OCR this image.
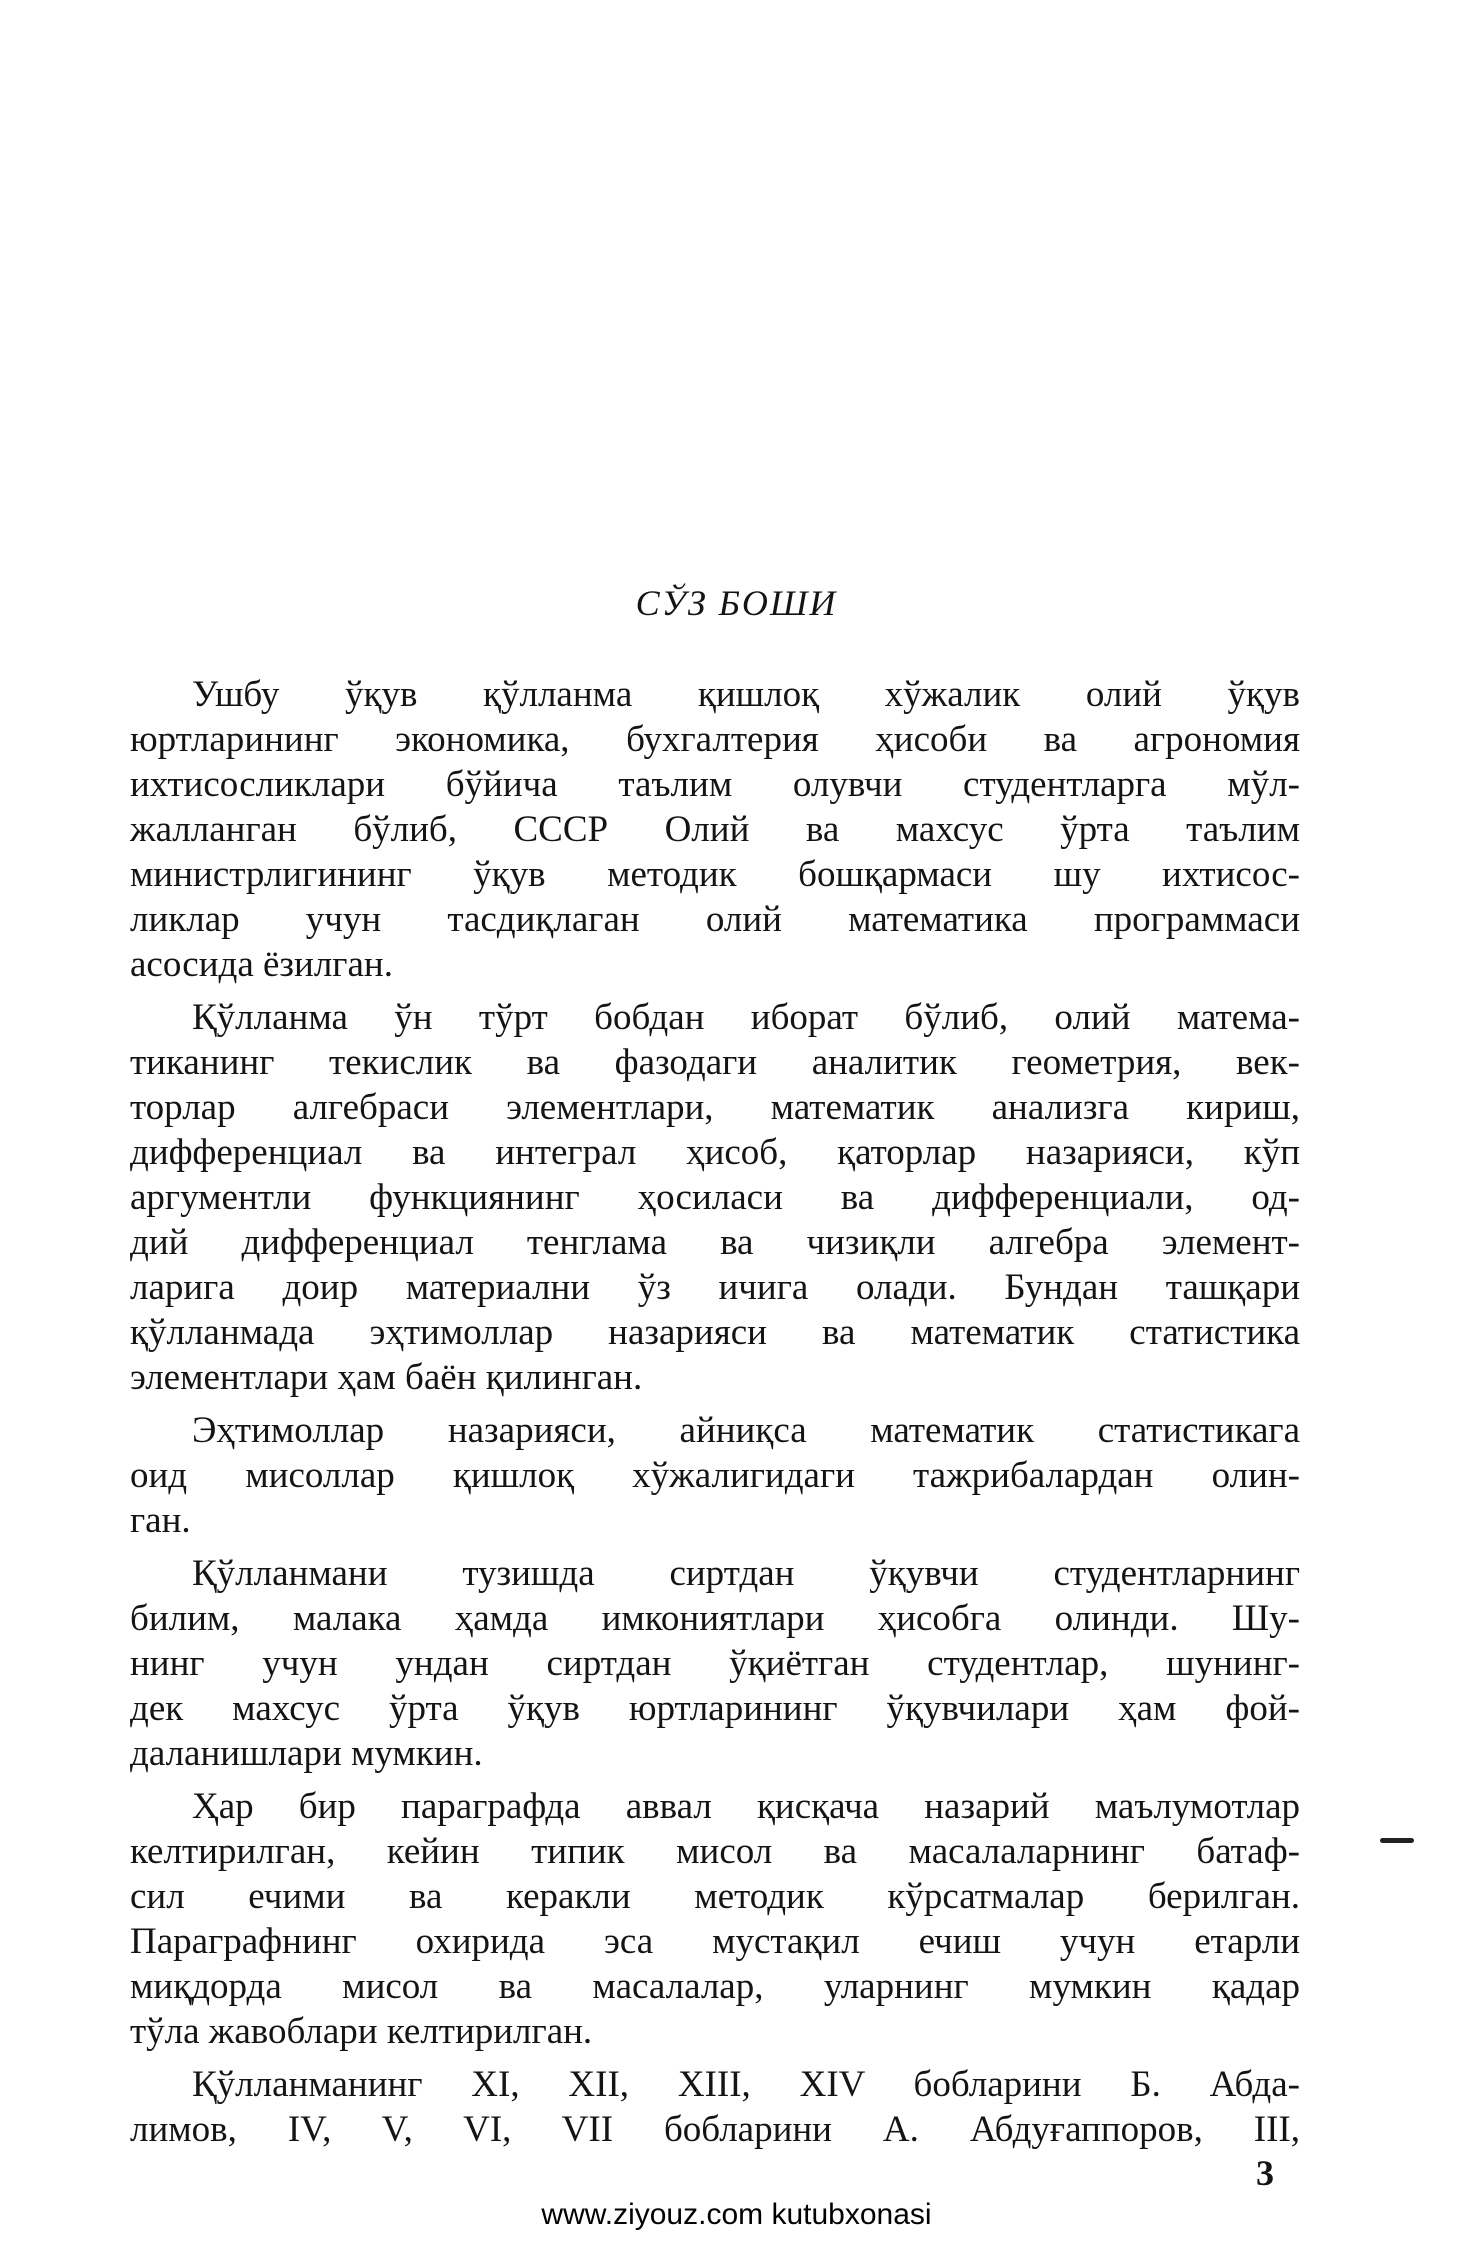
СЎЗ БОШИ
Ушбу ўқув қўлланма қишлоқ хўжалик олий ўқув
юртларининг экономика, бухгалтерия ҳисоби ва агрономия
ихтисосликлари бўйича таълим олувчи студентларга мўл-
жалланган бўлиб, СССР Олий ва махсус ўрта таълим
министрлигининг ўқув методик бошқармаси шу ихтисос-
ликлар учун тасдиқлаган олий математика программаси
асосида ёзилган.
Қўлланма ўн тўрт бобдан иборат бўлиб, олий матема-
тиканинг текислик ва фазодаги аналитик геометрия, век-
торлар алгебраси элементлари, математик анализга кириш,
дифференциал ва интеграл ҳисоб, қаторлар назарияси, кўп
аргументли функциянинг ҳосиласи ва дифференциали, од-
дий дифференциал тенглама ва чизиқли алгебра элемент-
ларига доир материални ўз ичига олади. Бундан ташқари
қўлланмада эҳтимоллар назарияси ва математик статистика
элементлари ҳам баён қилинган.
Эҳтимоллар назарияси, айниқса математик статистикага
оид мисоллар қишлоқ хўжалигидаги тажрибалардан олин-
ган.
Қўлланмани тузишда сиртдан ўқувчи студентларнинг
билим, малака ҳамда имкониятлари ҳисобга олинди. Шу-
нинг учун ундан сиртдан ўқиётган студентлар, шунинг-
дек махсус ўрта ўқув юртларининг ўқувчилари ҳам фой-
даланишлари мумкин.
Ҳар бир параграфда аввал қисқача назарий маълумотлар
келтирилган, кейин типик мисол ва масалаларнинг батаф-
сил ечими ва керакли методик кўрсатмалар берилган.
Параграфнинг охирида эса мустақил ечиш учун етарли
миқдорда мисол ва масалалар, уларнинг мумкин қадар
тўла жавоблари келтирилган.
Қўлланманинг XI, XII, XIII, XIV бобларини Б. Абда-
лимов, IV, V, VI, VII бобларини А. Абдуғаппоров, III,
3
www.ziyouz.com kutubxonasi
